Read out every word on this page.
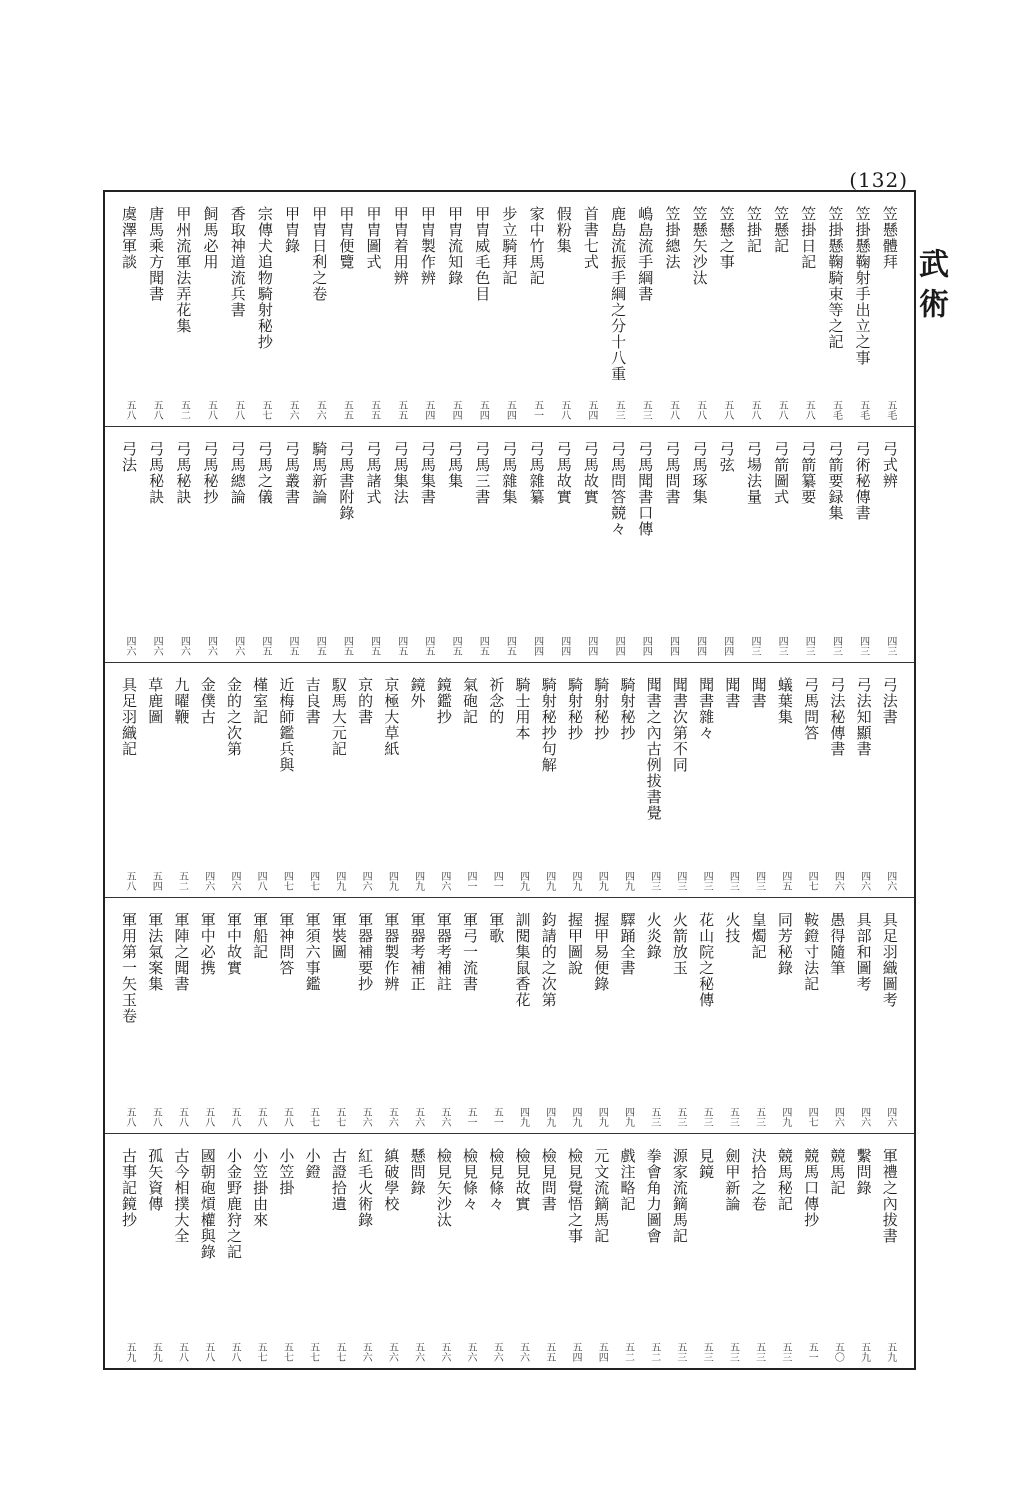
(132)
武術
笠懸體拜
五毛
笠掛懸鞠射手出立之事
五毛
笠掛懸鞠騎束等之記
五毛
笠掛日記
五八
笠懸記
五八
笠掛記
五八
笠懸之事
五八
笠懸矢沙汰
五八
笠掛總法
五八
嶋島流手綱書
五三
鹿島流振手綱之分十八重
五三
首書七式
五四
假粉集
五八
家中竹馬記
五一
步立騎拜記
五四
甲胄威毛色目
五四
甲胄流知錄
五四
甲胄製作辨
五四
甲胄着用辨
五五
甲胄圖式
五五
甲胄便覽
五五
甲胄日利之卷
五六
甲胄錄
五六
宗傳犬追物騎射秘抄
五七
香取神道流兵書
五八
飼馬必用
五八
甲州流軍法弄花集
五二
唐馬乘方聞書
五八
虞澤軍談
五八
弓式辨
四三
弓術秘傳書
四三
弓箭要録集
四三
弓箭纂要
四三
弓箭圖式
四三
弓場法量
四三
弓弦
四四
弓馬琢集
四四
弓馬問書
四四
弓馬聞書口傳
四四
弓馬問答競々
四四
弓馬故實
四四
弓馬故實
四四
弓馬雜纂
四四
弓馬雜集
四五
弓馬三書
四五
弓馬集
四五
弓馬集書
四五
弓馬集法
四五
弓馬諸式
四五
弓馬書附錄
四五
騎馬新論
四五
弓馬叢書
四五
弓馬之儀
四五
弓馬總論
四六
弓馬秘抄
四六
弓馬秘訣
四六
弓馬秘訣
四六
弓法
四六
弓法書
四六
弓法知顯書
四六
弓法秘傳書
四六
弓馬問答
四七
蟻葉集
四五
聞書
四三
聞書
四三
聞書雜々
四三
聞書次第不同
四三
聞書之內古例拔書覺
四三
騎射秘抄
四九
騎射秘抄
四九
騎射秘抄
四九
騎射秘抄句解
四九
騎士用本
四九
祈念的
四一
氣砲記
四一
鏡鑑抄
四六
鏡外
四九
京極大草紙
四九
京的書
四六
馭馬大元記
四九
吉良書
四七
近梅師鑑兵與
四七
槿室記
四八
金的之次第
四六
金僕古
四六
九曜鞭
五二
草鹿圖
五四
具足羽織記
五八
具足羽織圖考
四六
具部和圖考
四六
愚得隨筆
四六
鞍鐙寸法記
四七
同芳秘錄
四九
皇燭記
五三
火技
五三
花山院之秘傳
五三
火箭放玉
五三
火炎錄
五三
驛踊全書
四九
握甲易便錄
四九
握甲圖說
四九
鈞請的之次第
四九
訓閱集鼠香花
四九
軍歌
五一
軍弓一流書
五一
軍器考補註
五六
軍器考補正
五六
軍器製作辨
五六
軍器補要抄
五六
軍裝圖
五七
軍須六事鑑
五七
軍神問答
五八
軍船記
五八
軍中故實
五八
軍中必携
五八
軍陣之聞書
五八
軍法氣案集
五八
軍用第一矢玉卷
五八
軍禮之內拔書
五九
繫問錄
五九
競馬記
五〇
競馬口傳抄
五一
競馬秘記
五三
決拾之卷
五三
劍甲新論
五三
見鏡
五三
源家流鏑馬記
五三
拳會角力圖會
五二
戲注略記
五二
元文流鏑馬記
五四
檢見覺悟之事
五四
檢見問書
五五
檢見故實
五六
檢見條々
五六
檢見條々
五六
檢見矢沙汰
五六
懸問錄
五六
縝破學校
五六
紅毛火術錄
五六
古證拾遺
五七
小鐙
五七
小笠掛
五七
小笠掛由來
五七
小金野鹿狩之記
五八
國朝砲熕權與錄
五八
古今相撲大全
五八
孤矢資傳
五九
古事記鏡抄
五九
